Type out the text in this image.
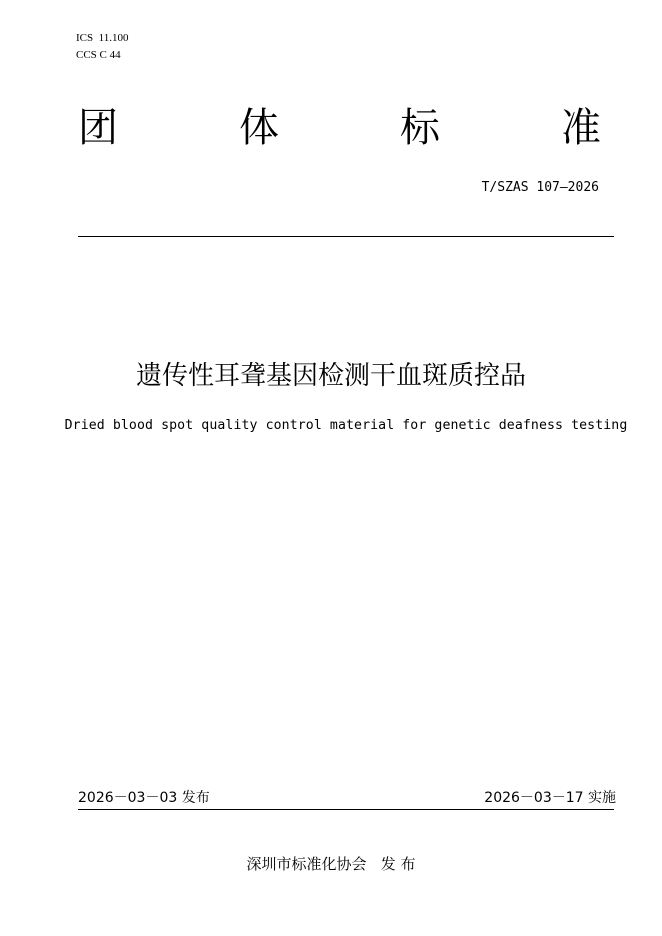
ICS  11.100
CCS C 44
团	体	标	准
T/SZAS 107—2026
遗传性耳聋基因检测干血斑质控品
Dried blood spot quality control material for genetic deafness testing
2026－03－03 发布	2026－03－17 实施
深圳市标准化协会   发 布
